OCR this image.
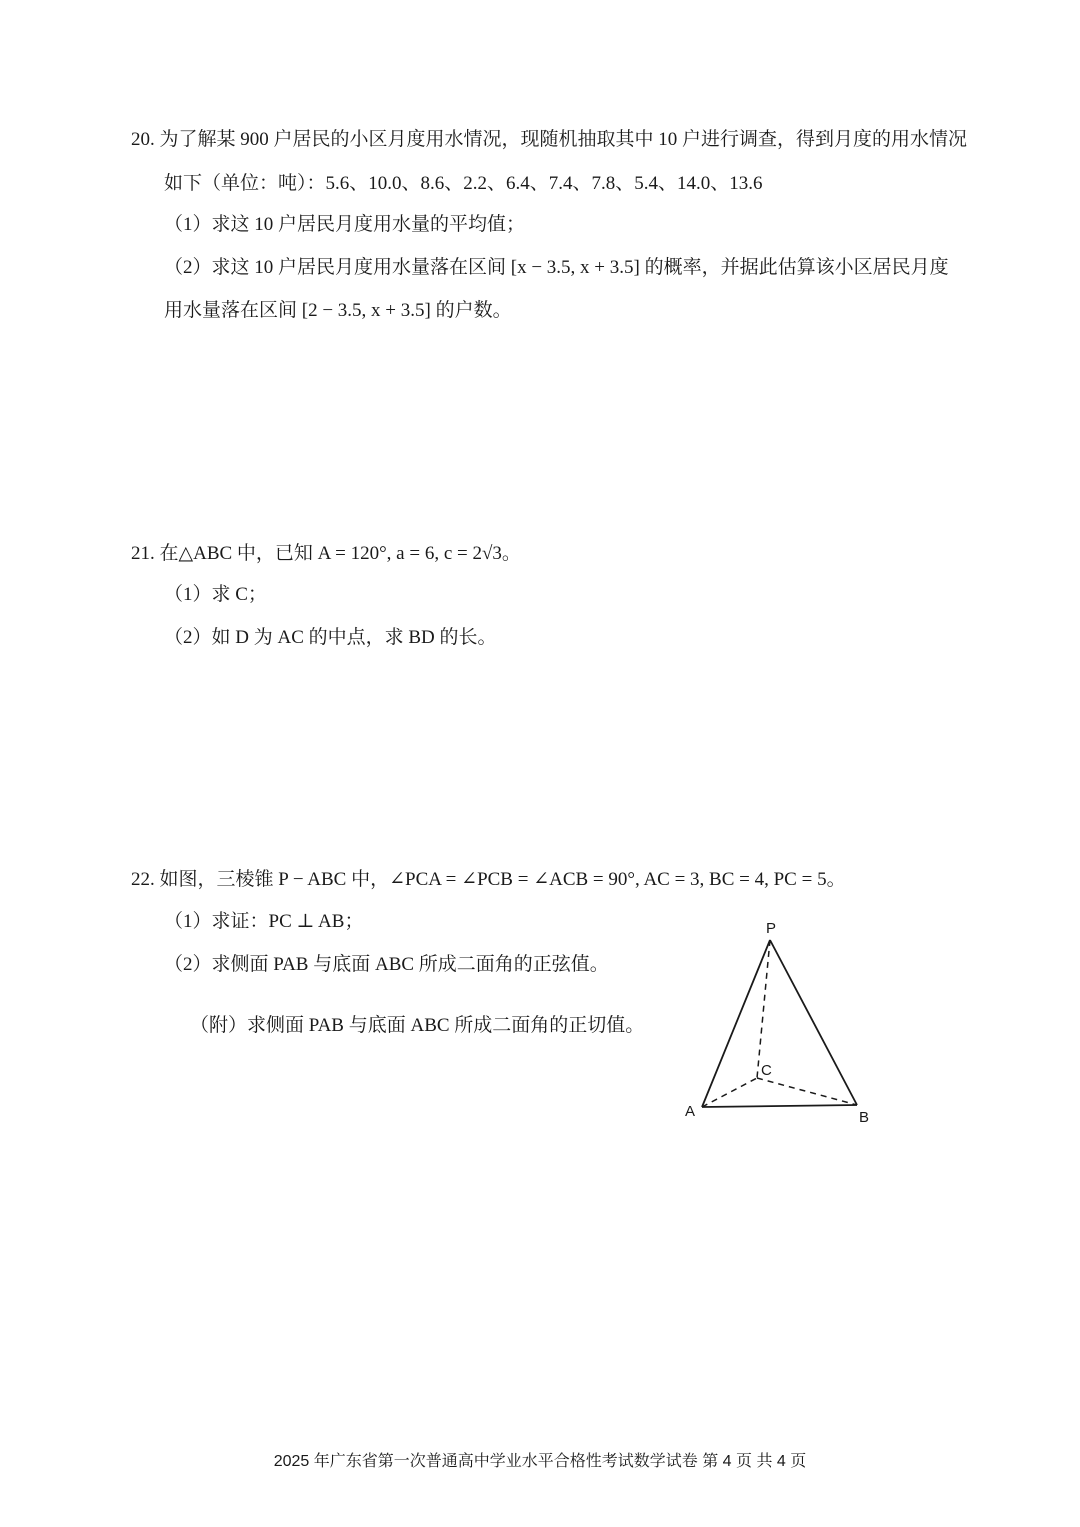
20. 为了解某 900 户居民的小区月度用水情况，现随机抽取其中 10 户进行调查，得到月度的用水情况
如下（单位：吨）：5.6、10.0、8.6、2.2、6.4、7.4、7.8、5.4、14.0、13.6
（1）求这 10 户居民月度用水量的平均值；
（2）求这 10 户居民月度用水量落在区间 [x − 3.5, x + 3.5] 的概率，并据此估算该小区居民月度
用水量落在区间 [2 − 3.5, x + 3.5] 的户数。
21. 在△ABC 中，已知 A = 120°, a = 6, c = 2√3。
（1）求 C；
（2）如 D 为 AC 的中点，求 BD 的长。
22. 如图，三棱锥 P − ABC 中，∠PCA = ∠PCB = ∠ACB = 90°, AC = 3, BC = 4, PC = 5。
（1）求证：PC ⊥ AB；
（2）求侧面 PAB 与底面 ABC 所成二面角的正弦值。
（附）求侧面 PAB 与底面 ABC 所成二面角的正切值。
P
C
A	B
2025 年广东省第一次普通高中学业水平合格性考试数学试卷 第 4 页 共 4 页
